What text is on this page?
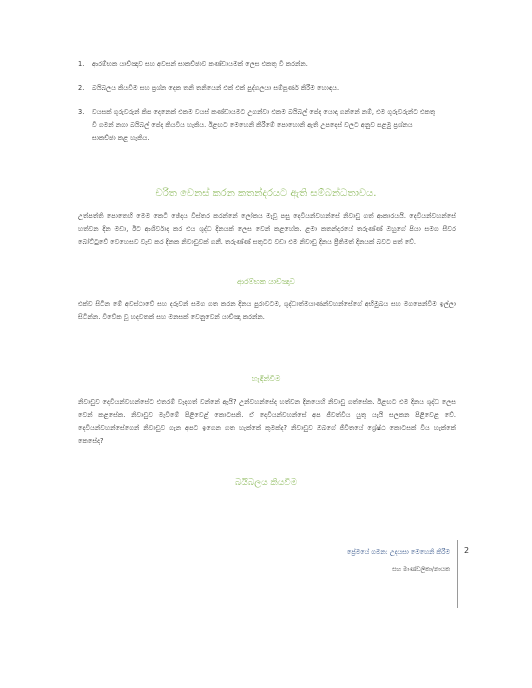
1.	ආරම්භක යාච්ඤාව සහ අවසන් සාකච්ඡාව කණ්ඩායමක් ලෙස එකතු වී කරන්න.
2.	බයිබලය කියවීම සහ ප්‍රශ්න දෙක තනි තනියෙන් එක් එක් පුද්ගලයා සම්පූර්ණ කිරීම හොඳය.
3.	වයසක් ගුරුවරුන් කිප දෙනෙක් එකම වයස් කණ්ඩායමට උගන්වා එකම බයිබල් පේද යොදා ගන්නේ නම්, එම ගුරුවරුන්ට එකතු වී ගමන් නගා බයිබල් පේද කියවිය හැකිය. ඊළඟට මෙහෙනි කිරීමේ පොහොනි ඇති උපදෙස් වලට අනුව පළමු ප්‍රශ්නය සාකච්ඡා කළ හැකිය.
චරිත වෙනස් කරන කතන්දරයට ඇති සම්බන්ධතාවය.

උත්පත්ති පොතෙහි මෙම කෙටි ඡේදය විස්තර කරන්නේ ලෝකය මැවූ පසු දෙවියන්වහන්සේ නිවාඩු ගත් ආකාරයයි. දෙවියන්වහන්සේ හත්වන දින මඩා, ඊට ආශිර්වාද කර එය ශුද්ධ දිනයක් ලෙස වෙන් කළහේක. ළමා කතන්දරයේ තරුණ්ණ් ඔහුගේ පියා සමග සීවර බෝට්ටුවේ වෙහෙසව වැඩ කර දිනක නිවාඩුවක් ගනී. තරුණ්ණ් සතුටට වඩා එම නිවාඩු දිනය ප්‍රීතිමත් දිනයක් බවට පත් වේ.

ආරම්භක යාච්ඤාව

එක්ව සිටින මේ අවස්ථාවේ සහ දරුවන් සමග ගත කරන දිනය පුරාවටම, ශුද්ධාත්මයාණන්වහන්සේගේ අභිමුඛය සහ මගපෙන්වීම ඉල්ලා සිටින්න. විවේක වූ හදවතක් සහ මනසක් වෙනුවෙන් යාච්ඤා කරන්න.

හැඳින්වීම

නිවාඩුව දෙවියන්වහන්සේට එතරම් වැදගත් වන්නේ ඇයි? උන්වහන්සේද හත්වන දිනයෙහි නිවාඩු ගත්සේක. ඊළඟට එම දිනය ශුද්ධ ලෙස වෙන් කළසේක. නිවාඩුව මැවීමේ පිළිවෙළ් කොටසකි. ඒ දෙවියන්වහන්සේ අප ජීවත්විය යුතු යැයි සලකන පිළිවෙළ වේ. දෙවියන්වහන්සේගෙන් නිවාඩුව ගැන අපට ඉගෙන ගත හැක්කේ කුමක්ද? නිවාඩුව ඔබගේ ජීවිතයේ ශ්‍රේෂ්ඨ කොටසක් විය හැක්කේ කෙසේද?

බයිබලය කියවීම
ප්‍රේමයේ ගමන: උදයසා මෙහෙනි කිරීම
සහ මාණ්ඩලිකා/නායක
2
